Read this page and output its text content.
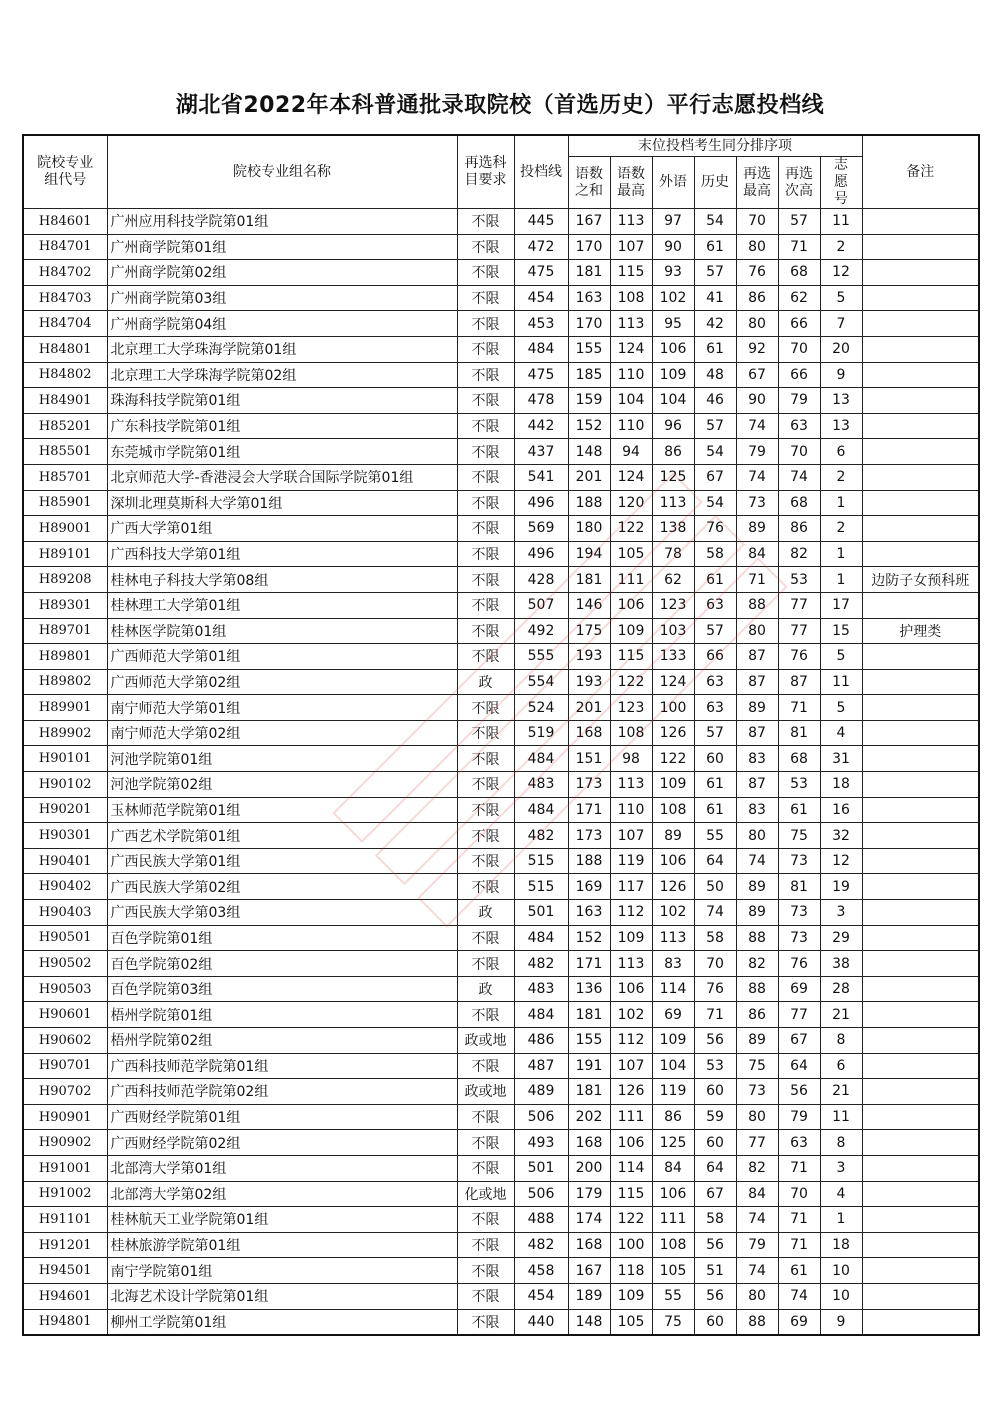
湖北省2022年本科普通批录取院校（首选历史）平行志愿投档线
院校专业组代号	院校专业组名称	再选科目要求	投档线	末位投档考生同分排序项							备注
				语数之和	语数最高	外语	历史	再选最高	再选次高	志愿号	
H84601	广州应用科技学院第01组	不限	445	167	113	97	54	70	57	11	
H84701	广州商学院第01组	不限	472	170	107	90	61	80	71	2	
H84702	广州商学院第02组	不限	475	181	115	93	57	76	68	12	
H84703	广州商学院第03组	不限	454	163	108	102	41	86	62	5	
H84704	广州商学院第04组	不限	453	170	113	95	42	80	66	7	
H84801	北京理工大学珠海学院第01组	不限	484	155	124	106	61	92	70	20	
H84802	北京理工大学珠海学院第02组	不限	475	185	110	109	48	67	66	9	
H84901	珠海科技学院第01组	不限	478	159	104	104	46	90	79	13	
H85201	广东科技学院第01组	不限	442	152	110	96	57	74	63	13	
H85501	东莞城市学院第01组	不限	437	148	94	86	54	79	70	6	
H85701	北京师范大学-香港浸会大学联合国际学院第01组	不限	541	201	124	125	67	74	74	2	
H85901	深圳北理莫斯科大学第01组	不限	496	188	120	113	54	73	68	1	
H89001	广西大学第01组	不限	569	180	122	138	76	89	86	2	
H89101	广西科技大学第01组	不限	496	194	105	78	58	84	82	1	
H89208	桂林电子科技大学第08组	不限	428	181	111	62	61	71	53	1	边防子女预科班
H89301	桂林理工大学第01组	不限	507	146	106	123	63	88	77	17	
H89701	桂林医学院第01组	不限	492	175	109	103	57	80	77	15	护理类
H89801	广西师范大学第01组	不限	555	193	115	133	66	87	76	5	
H89802	广西师范大学第02组	政	554	193	122	124	63	87	87	11	
H89901	南宁师范大学第01组	不限	524	201	123	100	63	89	71	5	
H89902	南宁师范大学第02组	不限	519	168	108	126	57	87	81	4	
H90101	河池学院第01组	不限	484	151	98	122	60	83	68	31	
H90102	河池学院第02组	不限	483	173	113	109	61	87	53	18	
H90201	玉林师范学院第01组	不限	484	171	110	108	61	83	61	16	
H90301	广西艺术学院第01组	不限	482	173	107	89	55	80	75	32	
H90401	广西民族大学第01组	不限	515	188	119	106	64	74	73	12	
H90402	广西民族大学第02组	不限	515	169	117	126	50	89	81	19	
H90403	广西民族大学第03组	政	501	163	112	102	74	89	73	3	
H90501	百色学院第01组	不限	484	152	109	113	58	88	73	29	
H90502	百色学院第02组	不限	482	171	113	83	70	82	76	38	
H90503	百色学院第03组	政	483	136	106	114	76	88	69	28	
H90601	梧州学院第01组	不限	484	181	102	69	71	86	77	21	
H90602	梧州学院第02组	政或地	486	155	112	109	56	89	67	8	
H90701	广西科技师范学院第01组	不限	487	191	107	104	53	75	64	6	
H90702	广西科技师范学院第02组	政或地	489	181	126	119	60	73	56	21	
H90901	广西财经学院第01组	不限	506	202	111	86	59	80	79	11	
H90902	广西财经学院第02组	不限	493	168	106	125	60	77	63	8	
H91001	北部湾大学第01组	不限	501	200	114	84	64	82	71	3	
H91002	北部湾大学第02组	化或地	506	179	115	106	67	84	70	4	
H91101	桂林航天工业学院第01组	不限	488	174	122	111	58	74	71	1	
H91201	桂林旅游学院第01组	不限	482	168	100	108	56	79	71	18	
H94501	南宁学院第01组	不限	458	167	118	105	51	74	61	10	
H94601	北海艺术设计学院第01组	不限	454	189	109	55	56	80	74	10	
H94801	柳州工学院第01组	不限	440	148	105	75	60	88	69	9	
